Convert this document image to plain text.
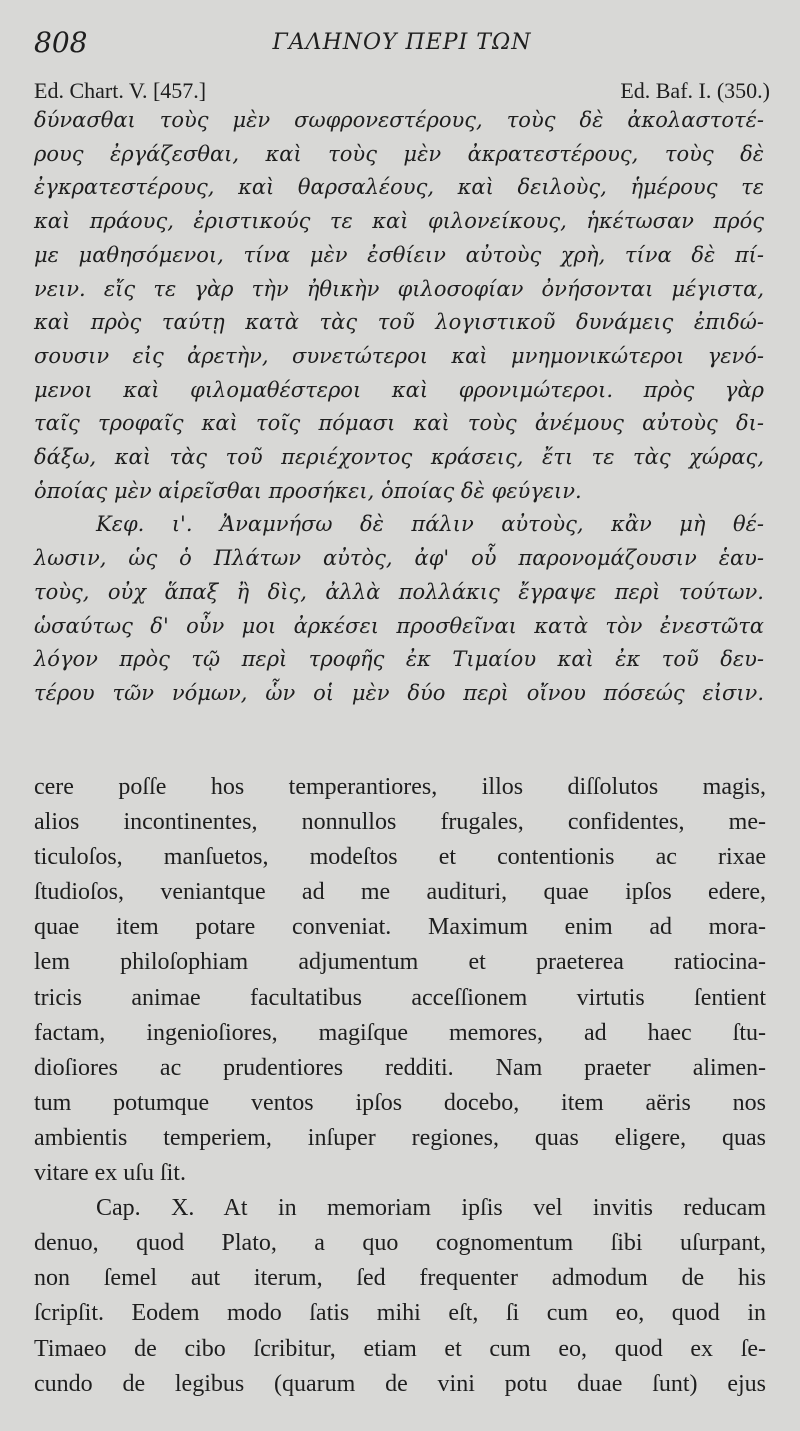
808	ΓΑΛΗΝΟΥ ΠΕΡΙ ΤΩΝ
Ed. Chart. V. [457.]	Ed. Baf. I. (350.)
δύνασθαι τοὺς μὲν σωφρονεστέρους, τοὺς δὲ ἀκολαστοτέ-
ρους ἐργάζεσθαι, καὶ τοὺς μὲν ἀκρατεστέρους, τοὺς δὲ
ἐγκρατεστέρους, καὶ θαρσαλέους, καὶ δειλοὺς, ἡμέρους τε
καὶ πράους, ἐριστικούς τε καὶ φιλονείκους, ἡκέτωσαν πρός
με μαθησόμενοι, τίνα μὲν ἐσθίειν αὐτοὺς χρὴ, τίνα δὲ πί-
νειν. εἴς τε γὰρ τὴν ἠθικὴν φιλοσοφίαν ὀνήσονται μέγιστα,
καὶ πρὸς ταύτῃ κατὰ τὰς τοῦ λογιστικοῦ δυνάμεις ἐπιδώ-
σουσιν εἰς ἀρετὴν, συνετώτεροι καὶ μνημονικώτεροι γενό-
μενοι καὶ φιλομαθέστεροι καὶ φρονιμώτεροι. πρὸς γὰρ
ταῖς τροφαῖς καὶ τοῖς πόμασι καὶ τοὺς ἀνέμους αὐτοὺς δι-
δάξω, καὶ τὰς τοῦ περιέχοντος κράσεις, ἔτι τε τὰς χώρας,
ὁποίας μὲν αἱρεῖσθαι προσήκει, ὁποίας δὲ φεύγειν.
Κεφ. ι'. Ἀναμνήσω δὲ πάλιν αὐτοὺς, κἂν μὴ θέ-
λωσιν, ὡς ὁ Πλάτων αὐτὸς, ἀφ' οὗ παρονομάζουσιν ἑαυ-
τοὺς, οὐχ ἅπαξ ἢ δὶς, ἀλλὰ πολλάκις ἔγραψε περὶ τούτων.
ὡσαύτως δ' οὖν μοι ἀρκέσει προσθεῖναι κατὰ τὸν ἐνεστῶτα
λόγον πρὸς τῷ περὶ τροφῆς ἐκ Τιμαίου καὶ ἐκ τοῦ δευ-
τέρου τῶν νόμων, ὧν οἱ μὲν δύο περὶ οἴνου πόσεώς εἰσιν.
cere poſſe hos temperantiores, illos diſſolutos magis,
alios incontinentes, nonnullos frugales, confidentes, me-
ticuloſos, manſuetos, modeſtos et contentionis ac rixae
ſtudioſos, veniantque ad me audituri, quae ipſos edere,
quae item potare conveniat. Maximum enim ad mora-
lem philoſophiam adjumentum et praeterea ratiocina-
tricis animae facultatibus acceſſionem virtutis ſentient
factam, ingenioſiores, magiſque memores, ad haec ſtu-
dioſiores ac prudentiores redditi. Nam praeter alimen-
tum potumque ventos ipſos docebo, item aëris nos
ambientis temperiem, inſuper regiones, quas eligere, quas
vitare ex uſu ſit.
Cap. X. At in memoriam ipſis vel invitis reducam
denuo, quod Plato, a quo cognomentum ſibi uſurpant,
non ſemel aut iterum, ſed frequenter admodum de his
ſcripſit. Eodem modo ſatis mihi eſt, ſi cum eo, quod in
Timaeo de cibo ſcribitur, etiam et cum eo, quod ex ſe-
cundo de legibus (quarum de vini potu duae ſunt) ejus
